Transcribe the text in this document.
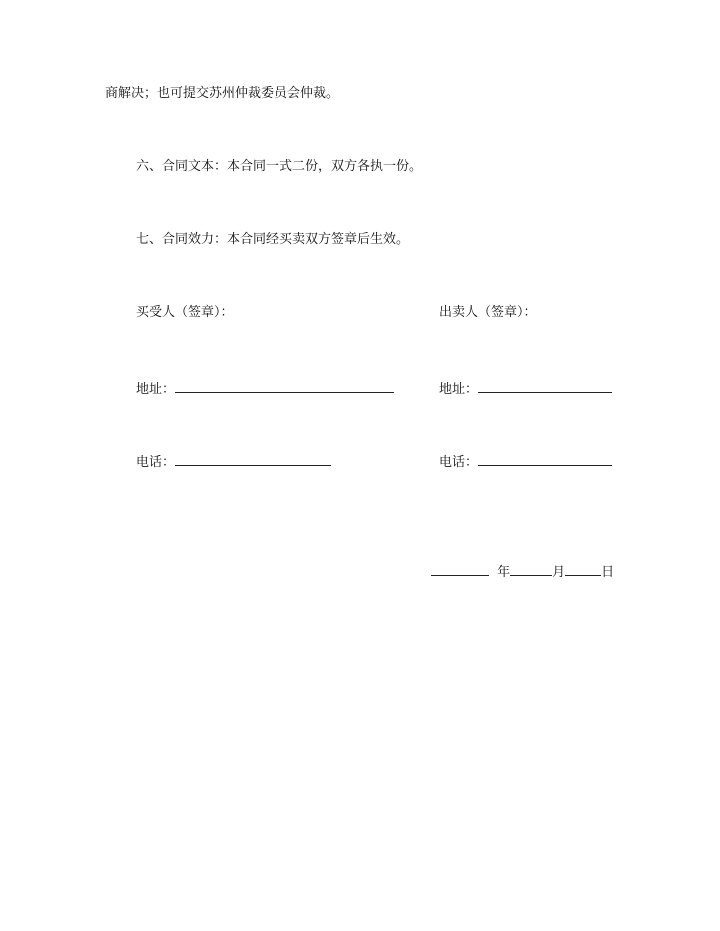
商解决；也可提交苏州仲裁委员会仲裁。
六、合同文本：本合同一式二份，双方各执一份。
七、合同效力：本合同经买卖双方签章后生效。
买受人（签章）：
地址：
电话：
出卖人（签章）：
地址：
电话：
年	月	日
